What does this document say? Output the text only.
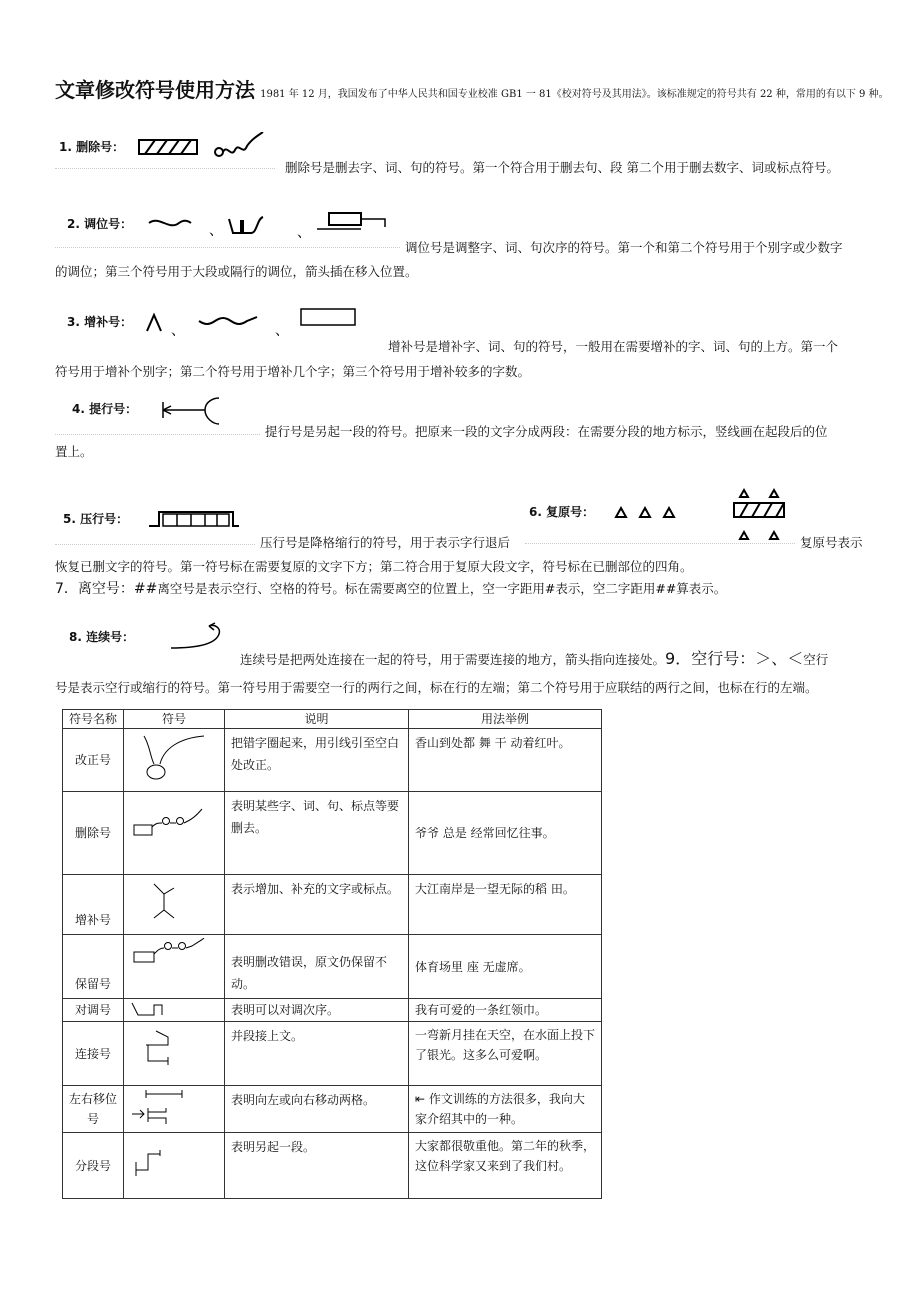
文章修改符号使用方法 1981 年 12 月，我国发布了中华人民共和国专业校准 GB1 一 81《校对符号及其用法》。该标准规定的符号共有 22 种，常用的有以下 9 种。
1. 删除号：
删除号是删去字、词、句的符号。第一个符合用于删去句、段 第二个用于删去数字、词或标点符号。
2. 调位号：	、	、
调位号是调整字、词、句次序的符号。第一个和第二个符号用于个别字或少数字
的调位；第三个符号用于大段或隔行的调位，箭头插在移入位置。
3. 增补号：
、	、
增补号是增补字、词、句的符号，一般用在需要增补的字、词、句的上方。第一个
符号用于增补个别字；第二个符号用于增补几个字；第三个符号用于增补较多的字数。
4. 提行号：
提行号是另起一段的符号。把原来一段的文字分成两段：在需要分段的地方标示，竖线画在起段后的位
置上。
5. 压行号：	6. 复原号：
压行号是降格缩行的符号，用于表示字行退后	复原号表示
恢复已删文字的符号。第一符号标在需要复原的文字下方；第二符合用于复原大段文字，符号标在已删部位的四角。
7．离空号：##离空号是表示空行、空格的符号。标在需要离空的位置上，空一字距用#表示，空二字距用##算表示。
8. 连续号：
连续号是把两处连接在一起的符号，用于需要连接的地方，箭头指向连接处。9．空行号：＞、＜空行
号是表示空行或缩行的符号。第一符号用于需要空一行的两行之间，标在行的左端；第二个符号用于应联结的两行之间，也标在行的左端。
符号名称	符号	说明	用法举例
改正号		把错字圈起来，用引线引至空白处改正。	香山到处都 舞 干 动着红叶。
删除号		表明某些字、词、句、标点等要删去。	爷爷 总是 经常回忆往事。
增补号		表示增加、补充的文字或标点。	大江南岸是一望无际的稻 田。
保留号		表明删改错误，原文仍保留不动。	体育场里 座 无虚席。
对调号		表明可以对调次序。	我有可爱的一条红领巾。
连接号		并段接上文。	一弯新月挂在天空，在水面上投下了银光。这多么可爱啊。
左右移位号		表明向左或向右移动两格。	⇤ 作文训练的方法很多，我向大家介绍其中的一种。
分段号		表明另起一段。	大家都很敬重他。第二年的秋季，这位科学家又来到了我们村。
